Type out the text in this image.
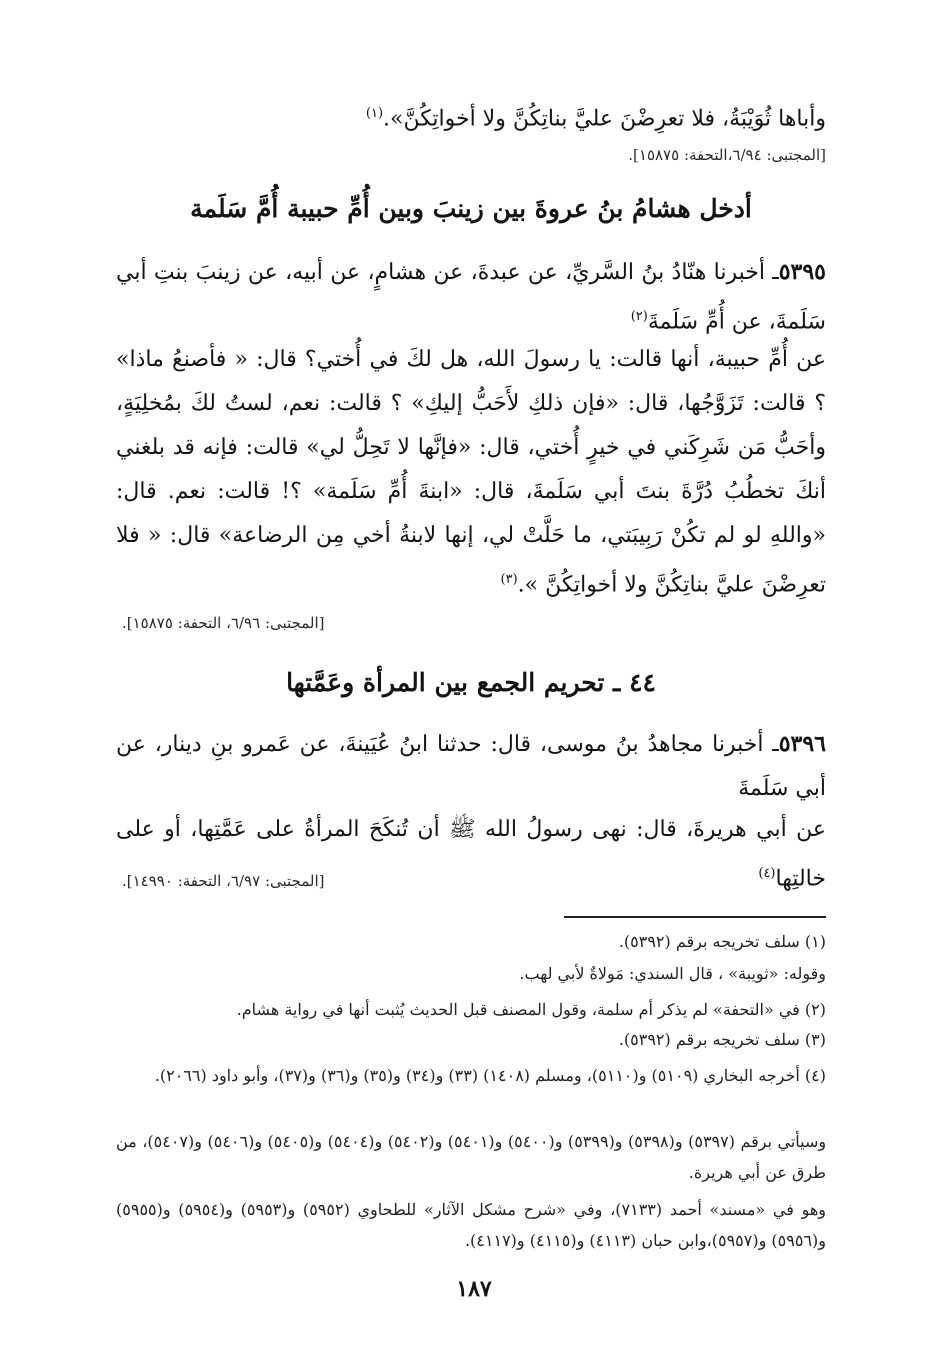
وأباها ثُوَيْبَةُ، فلا تعرِضْنَ عليَّ بناتِكُنَّ ولا أخواتِكُنَّ».$^{(١)}$

[المجتبى: ٦/٩٤،التحفة: ١٥٨٧٥].
أدخل هشامُ بنُ عروةَ بين زينبَ وبين أُمِّ حبيبة أُمَّ سَلَمة

٥٣٩٥ـ أخبرنا هنّادُ بنُ السَّريِّ، عن عبدةَ، عن هشامٍ، عن أبيه، عن زينبَ بنتِ أبي سَلَمةَ، عن أُمِّ سَلَمةَ$^{(٢)}$

عن أُمِّ حبيبة، أنها قالت: يا رسولَ الله، هل لكَ في أُختي؟ قال: « فأصنعُ ماذا» ؟ قالت: تَزَوَّجُها، قال: «فإن ذلكِ لأَحَبُّ إليكِ» ؟ قالت: نعم، لستُ لكَ بمُخلِيَةٍ، وأحَبُّ مَن شَرِكَني في خيرٍ أُختي، قال: «فإنَّها لا تَحِلُّ لي» قالت: فإنه قد بلغني أنكَ تخطُبُ دُرَّةَ بنتَ أبي سَلَمةَ، قال: «ابنةَ أُمِّ سَلَمة» ؟! قالت: نعم. قال: «واللهِ لو لم تكُنْ رَبِيبَتي، ما حَلَّتْ لي، إنها لابنةُ أخي مِن الرضاعة» قال: « فلا تعرِضْنَ عليَّ بناتِكُنَّ ولا أخواتِكُنَّ ».$^{(٣)}$

[المجتبى: ٦/٩٦، التحفة: ١٥٨٧٥].
٤٤ ـ تحريم الجمع بين المرأة وعَمَّتها

٥٣٩٦ـ أخبرنا مجاهدُ بنُ موسى، قال: حدثنا ابنُ عُيَينةَ، عن عَمرو بنِ دينار، عن أبي سَلَمةَ

عن أبي هريرةَ، قال: نهى رسولُ الله ﷺ أن تُنكَحَ المرأةُ على عَمَّتِها، أو على خالتِها$^{(٤)}$

[المجتبى: ٦/٩٧، التحفة: ١٤٩٩٠].

(١) سلف تخريجه برقم (٥٣٩٢).

وقوله: «ثويبة» ، قال السندي: مَولاةٌ لأبي لهب.

(٢) في «التحفة» لم يذكر أم سلمة، وقول المصنف قبل الحديث يُثبت أنها في رواية هشام.

(٣) سلف تخريجه برقم (٥٣٩٢).

(٤) أخرجه البخاري (٥١٠٩) و(٥١١٠)، ومسلم (١٤٠٨) (٣٣) و(٣٤) و(٣٥) و(٣٦) و(٣٧)، وأبو داود (٢٠٦٦).

وسيأتي برقم (٥٣٩٧) و(٥٣٩٨) و(٥٣٩٩) و(٥٤٠٠) و(٥٤٠١) و(٥٤٠٢) و(٥٤٠٤) و(٥٤٠٥) و(٥٤٠٦) و(٥٤٠٧)، من طرق عن أبي هريرة.

وهو في «مسند» أحمد (٧١٣٣)، وفي «شرح مشكل الآثار» للطحاوي (٥٩٥٢) و(٥٩٥٣) و(٥٩٥٤) و(٥٩٥٥) و(٥٩٥٦) و(٥٩٥٧)،وابن حبان (٤١١٣) و(٤١١٥) و(٤١١٧).

١٨٧
